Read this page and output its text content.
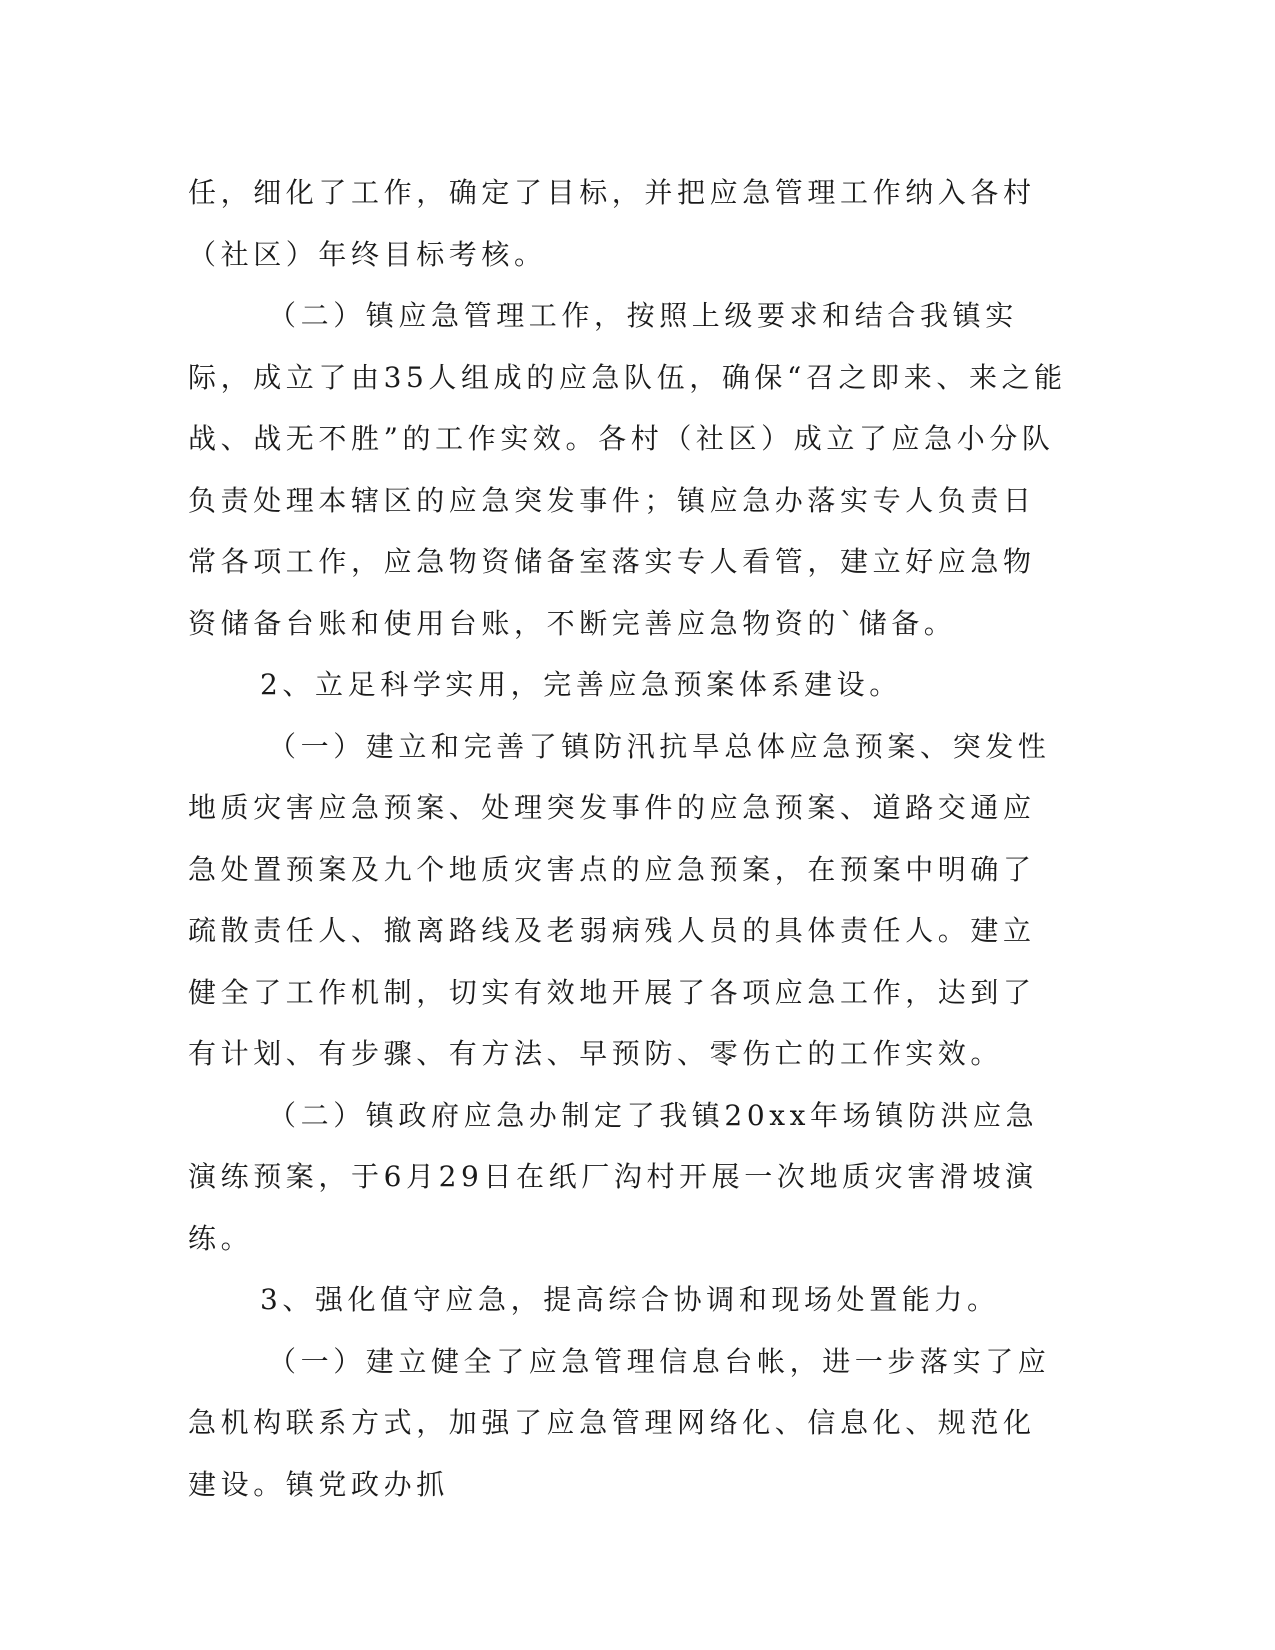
任，细化了工作，确定了目标，并把应急管理工作纳入各村（社区）年终目标考核。

（二）镇应急管理工作，按照上级要求和结合我镇实际，成立了由35人组成的应急队伍，确保“召之即来、来之能战、战无不胜”的工作实效。各村（社区）成立了应急小分队负责处理本辖区的应急突发事件；镇应急办落实专人负责日常各项工作，应急物资储备室落实专人看管，建立好应急物资储备台账和使用台账，不断完善应急物资的`储备。

2、立足科学实用，完善应急预案体系建设。

（一）建立和完善了镇防汛抗旱总体应急预案、突发性地质灾害应急预案、处理突发事件的应急预案、道路交通应急处置预案及九个地质灾害点的应急预案，在预案中明确了疏散责任人、撤离路线及老弱病残人员的具体责任人。建立健全了工作机制，切实有效地开展了各项应急工作，达到了有计划、有步骤、有方法、早预防、零伤亡的工作实效。

（二）镇政府应急办制定了我镇20xx年场镇防洪应急演练预案，于6月29日在纸厂沟村开展一次地质灾害滑坡演练。

3、强化值守应急，提高综合协调和现场处置能力。

（一）建立健全了应急管理信息台帐，进一步落实了应急机构联系方式，加强了应急管理网络化、信息化、规范化建设。镇党政办抓
